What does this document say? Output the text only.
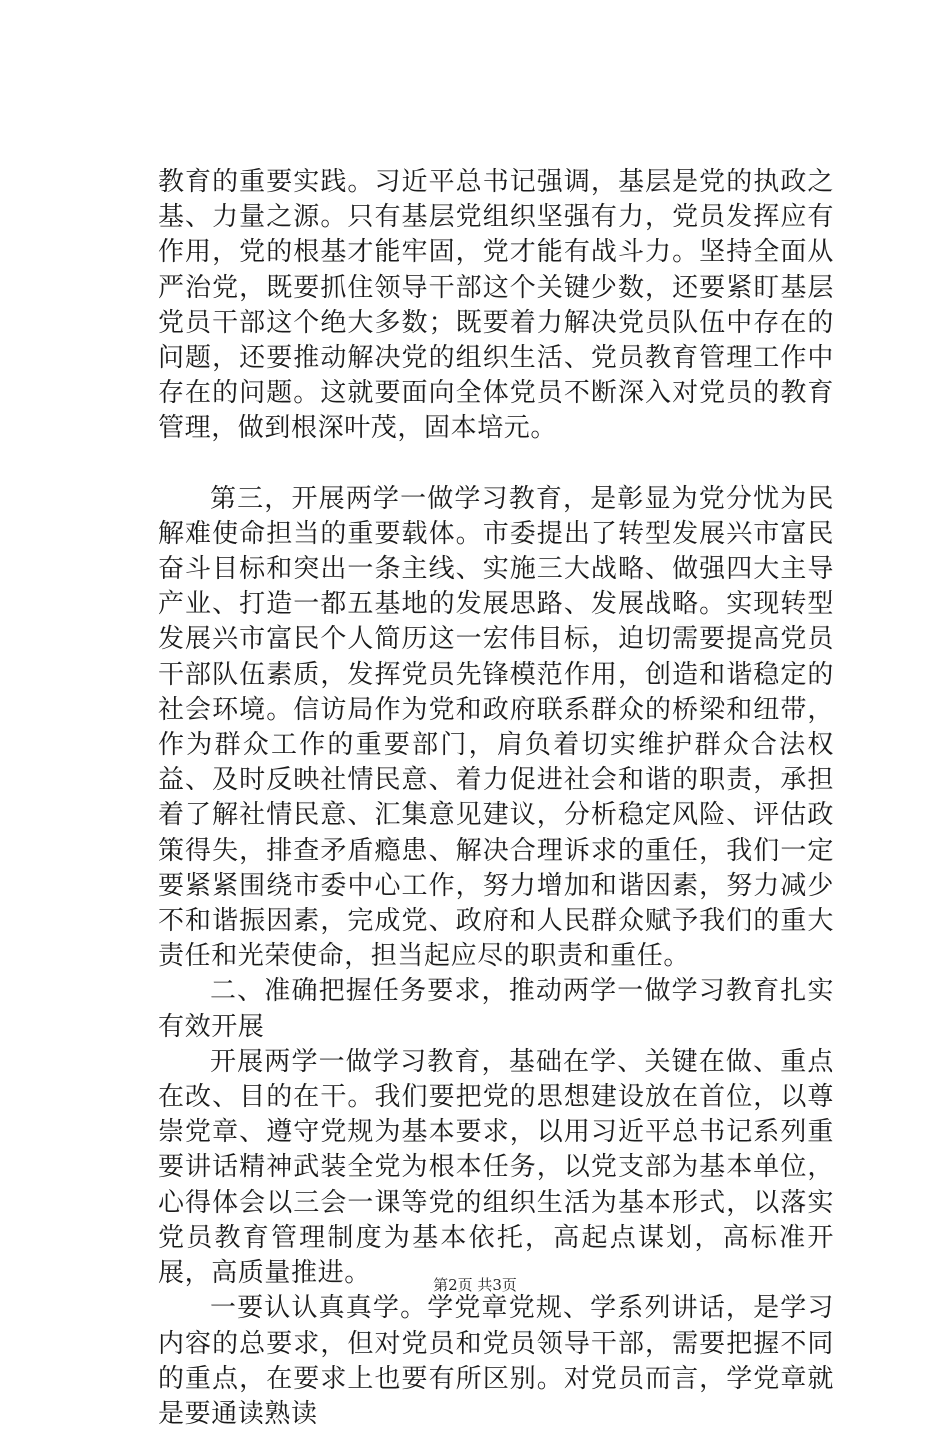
教育的重要实践。习近平总书记强调，基层是党的执政之基、力量之源。只有基层党组织坚强有力，党员发挥应有作用，党的根基才能牢固，党才能有战斗力。坚持全面从严治党，既要抓住领导干部这个关键少数，还要紧盯基层党员干部这个绝大多数；既要着力解决党员队伍中存在的问题，还要推动解决党的组织生活、党员教育管理工作中存在的问题。这就要面向全体党员不断深入对党员的教育管理，做到根深叶茂，固本培元。

第三，开展两学一做学习教育，是彰显为党分忧为民解难使命担当的重要载体。市委提出了转型发展兴市富民奋斗目标和突出一条主线、实施三大战略、做强四大主导产业、打造一都五基地的发展思路、发展战略。实现转型发展兴市富民个人简历这一宏伟目标，迫切需要提高党员干部队伍素质，发挥党员先锋模范作用，创造和谐稳定的社会环境。信访局作为党和政府联系群众的桥梁和纽带，作为群众工作的重要部门，肩负着切实维护群众合法权益、及时反映社情民意、着力促进社会和谐的职责，承担着了解社情民意、汇集意见建议，分析稳定风险、评估政策得失，排查矛盾瘾患、解决合理诉求的重任，我们一定要紧紧围绕市委中心工作，努力增加和谐因素，努力减少不和谐振因素，完成党、政府和人民群众赋予我们的重大责任和光荣使命，担当起应尽的职责和重任。

二、准确把握任务要求，推动两学一做学习教育扎实有效开展

开展两学一做学习教育，基础在学、关键在做、重点在改、目的在干。我们要把党的思想建设放在首位，以尊崇党章、遵守党规为基本要求，以用习近平总书记系列重要讲话精神武装全党为根本任务，以党支部为基本单位，心得体会以三会一课等党的组织生活为基本形式，以落实党员教育管理制度为基本依托，高起点谋划，高标准开展，高质量推进。

一要认认真真学。学党章党规、学系列讲话，是学习内容的总要求，但对党员和党员领导干部，需要把握不同的重点，在要求上也要有所区别。对党员而言，学党章就是要通读熟读

第2页 共3页
